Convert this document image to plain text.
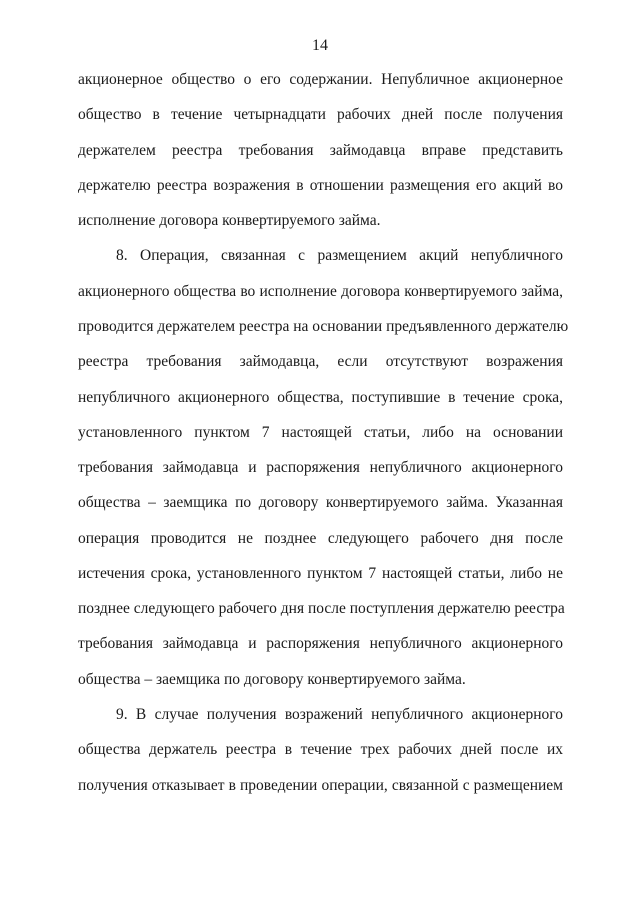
14
акционерное общество о его содержании. Непубличное акционерное
общество в течение четырнадцати рабочих дней после получения
держателем реестра требования займодавца вправе представить
держателю реестра возражения в отношении размещения его акций во
исполнение договора конвертируемого займа.
8. Операция, связанная с размещением акций непубличного
акционерного общества во исполнение договора конвертируемого займа,
проводится держателем реестра на основании предъявленного держателю
реестра требования займодавца, если отсутствуют возражения
непубличного акционерного общества, поступившие в течение срока,
установленного пунктом 7 настоящей статьи, либо на основании
требования займодавца и распоряжения непубличного акционерного
общества – заемщика по договору конвертируемого займа. Указанная
операция проводится не позднее следующего рабочего дня после
истечения срока, установленного пунктом 7 настоящей статьи, либо не
позднее следующего рабочего дня после поступления держателю реестра
требования займодавца и распоряжения непубличного акционерного
общества – заемщика по договору конвертируемого займа.
9. В случае получения возражений непубличного акционерного
общества держатель реестра в течение трех рабочих дней после их
получения отказывает в проведении операции, связанной с размещением
